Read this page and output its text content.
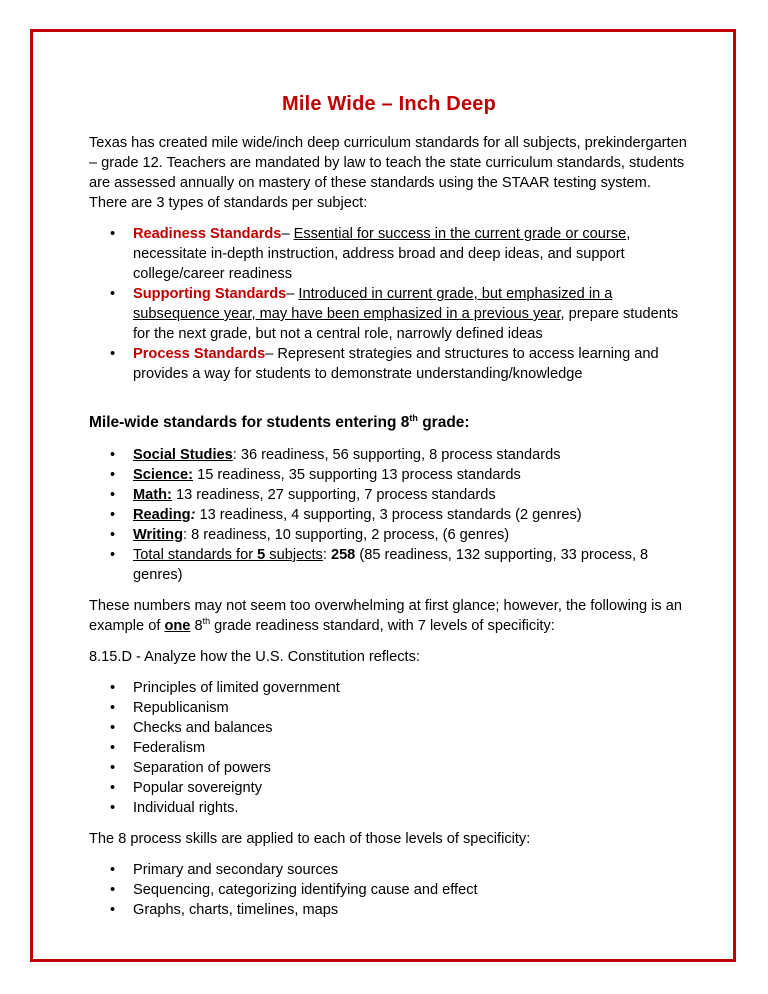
Mile Wide – Inch Deep

Texas has created mile wide/inch deep curriculum standards for all subjects, prekindergarten – grade 12. Teachers are mandated by law to teach the state curriculum standards, students are assessed annually on mastery of these standards using the STAAR testing system. There are 3 types of standards per subject:

• Readiness Standards– Essential for success in the current grade or course, necessitate in-depth instruction, address broad and deep ideas, and support college/career readiness
• Supporting Standards– Introduced in current grade, but emphasized in a subsequence year, may have been emphasized in a previous year, prepare students for the next grade, but not a central role, narrowly defined ideas
• Process Standards– Represent strategies and structures to access learning and provides a way for students to demonstrate understanding/knowledge
Mile-wide standards for students entering 8th grade:
• Social Studies: 36 readiness, 56 supporting, 8 process standards
• Science: 15 readiness, 35 supporting 13 process standards
• Math: 13 readiness, 27 supporting, 7 process standards
• Reading: 13 readiness, 4 supporting, 3 process standards (2 genres)
• Writing: 8 readiness, 10 supporting, 2 process, (6 genres)
• Total standards for 5 subjects: 258 (85 readiness, 132 supporting, 33 process, 8 genres)

These numbers may not seem too overwhelming at first glance; however, the following is an example of one 8th grade readiness standard, with 7 levels of specificity:

8.15.D - Analyze how the U.S. Constitution reflects:

• Principles of limited government
• Republicanism
• Checks and balances
• Federalism
• Separation of powers
• Popular sovereignty
• Individual rights.

The 8 process skills are applied to each of those levels of specificity:

• Primary and secondary sources
• Sequencing, categorizing identifying cause and effect
• Graphs, charts, timelines, maps
